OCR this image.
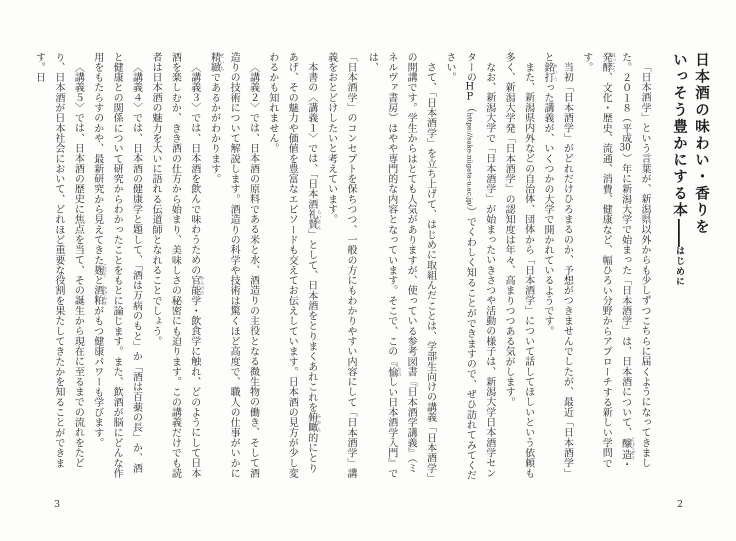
日本酒の味わい・香りを
いっそう豊かにする本――はじめに

「日本酒学」という言葉が、新潟県以外からも少しずつこちらに届くようになってきました。２０１８（平成30）年に新潟大学で始まった「日本酒学」は、日本酒について、醸造 じょうぞう・発酵 はっこう、文化・歴史、流通、消費、健康など、幅ひろい分野からアプローチする新しい学問です。

当初「日本酒学」がどれだけひろまるのか、予想がつきませんでしたが、最近「日本酒学」と銘打 めいうった講義が、いくつかの大学で開かれているようです。

また、新潟県内外などの自治体、団体から「日本酒学」について話してほしいという依頼も多く、新潟大学発「日本酒学」の認知度は年々、高まりつつある気がします。

なお、新潟大学で「日本酒学」が始まったいきさつや活動の様子は、新潟大学日本酒学センターのHP（https://sake.niigata-u.ac.jp/）でくわしく知ることができますので、ぜひ訪れてみてください。

さて、「日本酒学」を立ち上げて、はじめに取組んだことは、学部生向けの講義「日本酒学」の開講です。学生からはとても人気がありますが、使っている参考図書『日本酒学講義』（ミネルヴァ書房）はやや専門的な内容となっています。そこで、この『愉 たのしい日本酒学入門』では、

「日本酒学」のコンセプトを保ちつつ、一般の方にもわかりやすい内容にして「日本酒学」講義をおとどけしたいと考えています。

本書の〈講義１〉では、「日本酒礼賛 らいさん」として、日本酒をとりまくあれこれを俯瞰 ふかん的にとりあげ、その魅力や価値を豊富なエピソードも交えてお伝えしています。日本酒の見方が少し変わるかも知れません。

〈講義２〉では、日本酒の原料である米と水、酒造りの主役となる微生物の働き、そして酒造りの技術について解説します。酒造りの科学や技術は驚くほど高度で、職人の仕事がいかに精緻 せいちであるかがわかります。

〈講義３〉では、日本酒を飲んで味わうための官能 かんのう学・飲食学に触れ、どのようにして日本酒を楽しむか、きき酒の仕方から始まり、美味しさの秘密にも迫ります。この講義だけでも読者は日本酒の魅力を大いに語れる伝道師となれることでしょう。

〈講義４〉では、日本酒の健康学と題して、「酒は万病のもと」か「酒は百薬の長」か、酒と健康との関係について研究からわかったことをもとに論じます。また、飲酒が脳にどんな作用をもたらすのかや、最新研究から見えてきた麹 こうじと酒粕 さけかすがもつ健康パワーも学びます。

〈講義５〉では、日本酒の歴史に焦点を当て、その誕生から現在に至るまでの流れをたどり、日本酒が日本社会において、どれほど重要な役割を果たしてきたかを知ることができます。日

3	2
